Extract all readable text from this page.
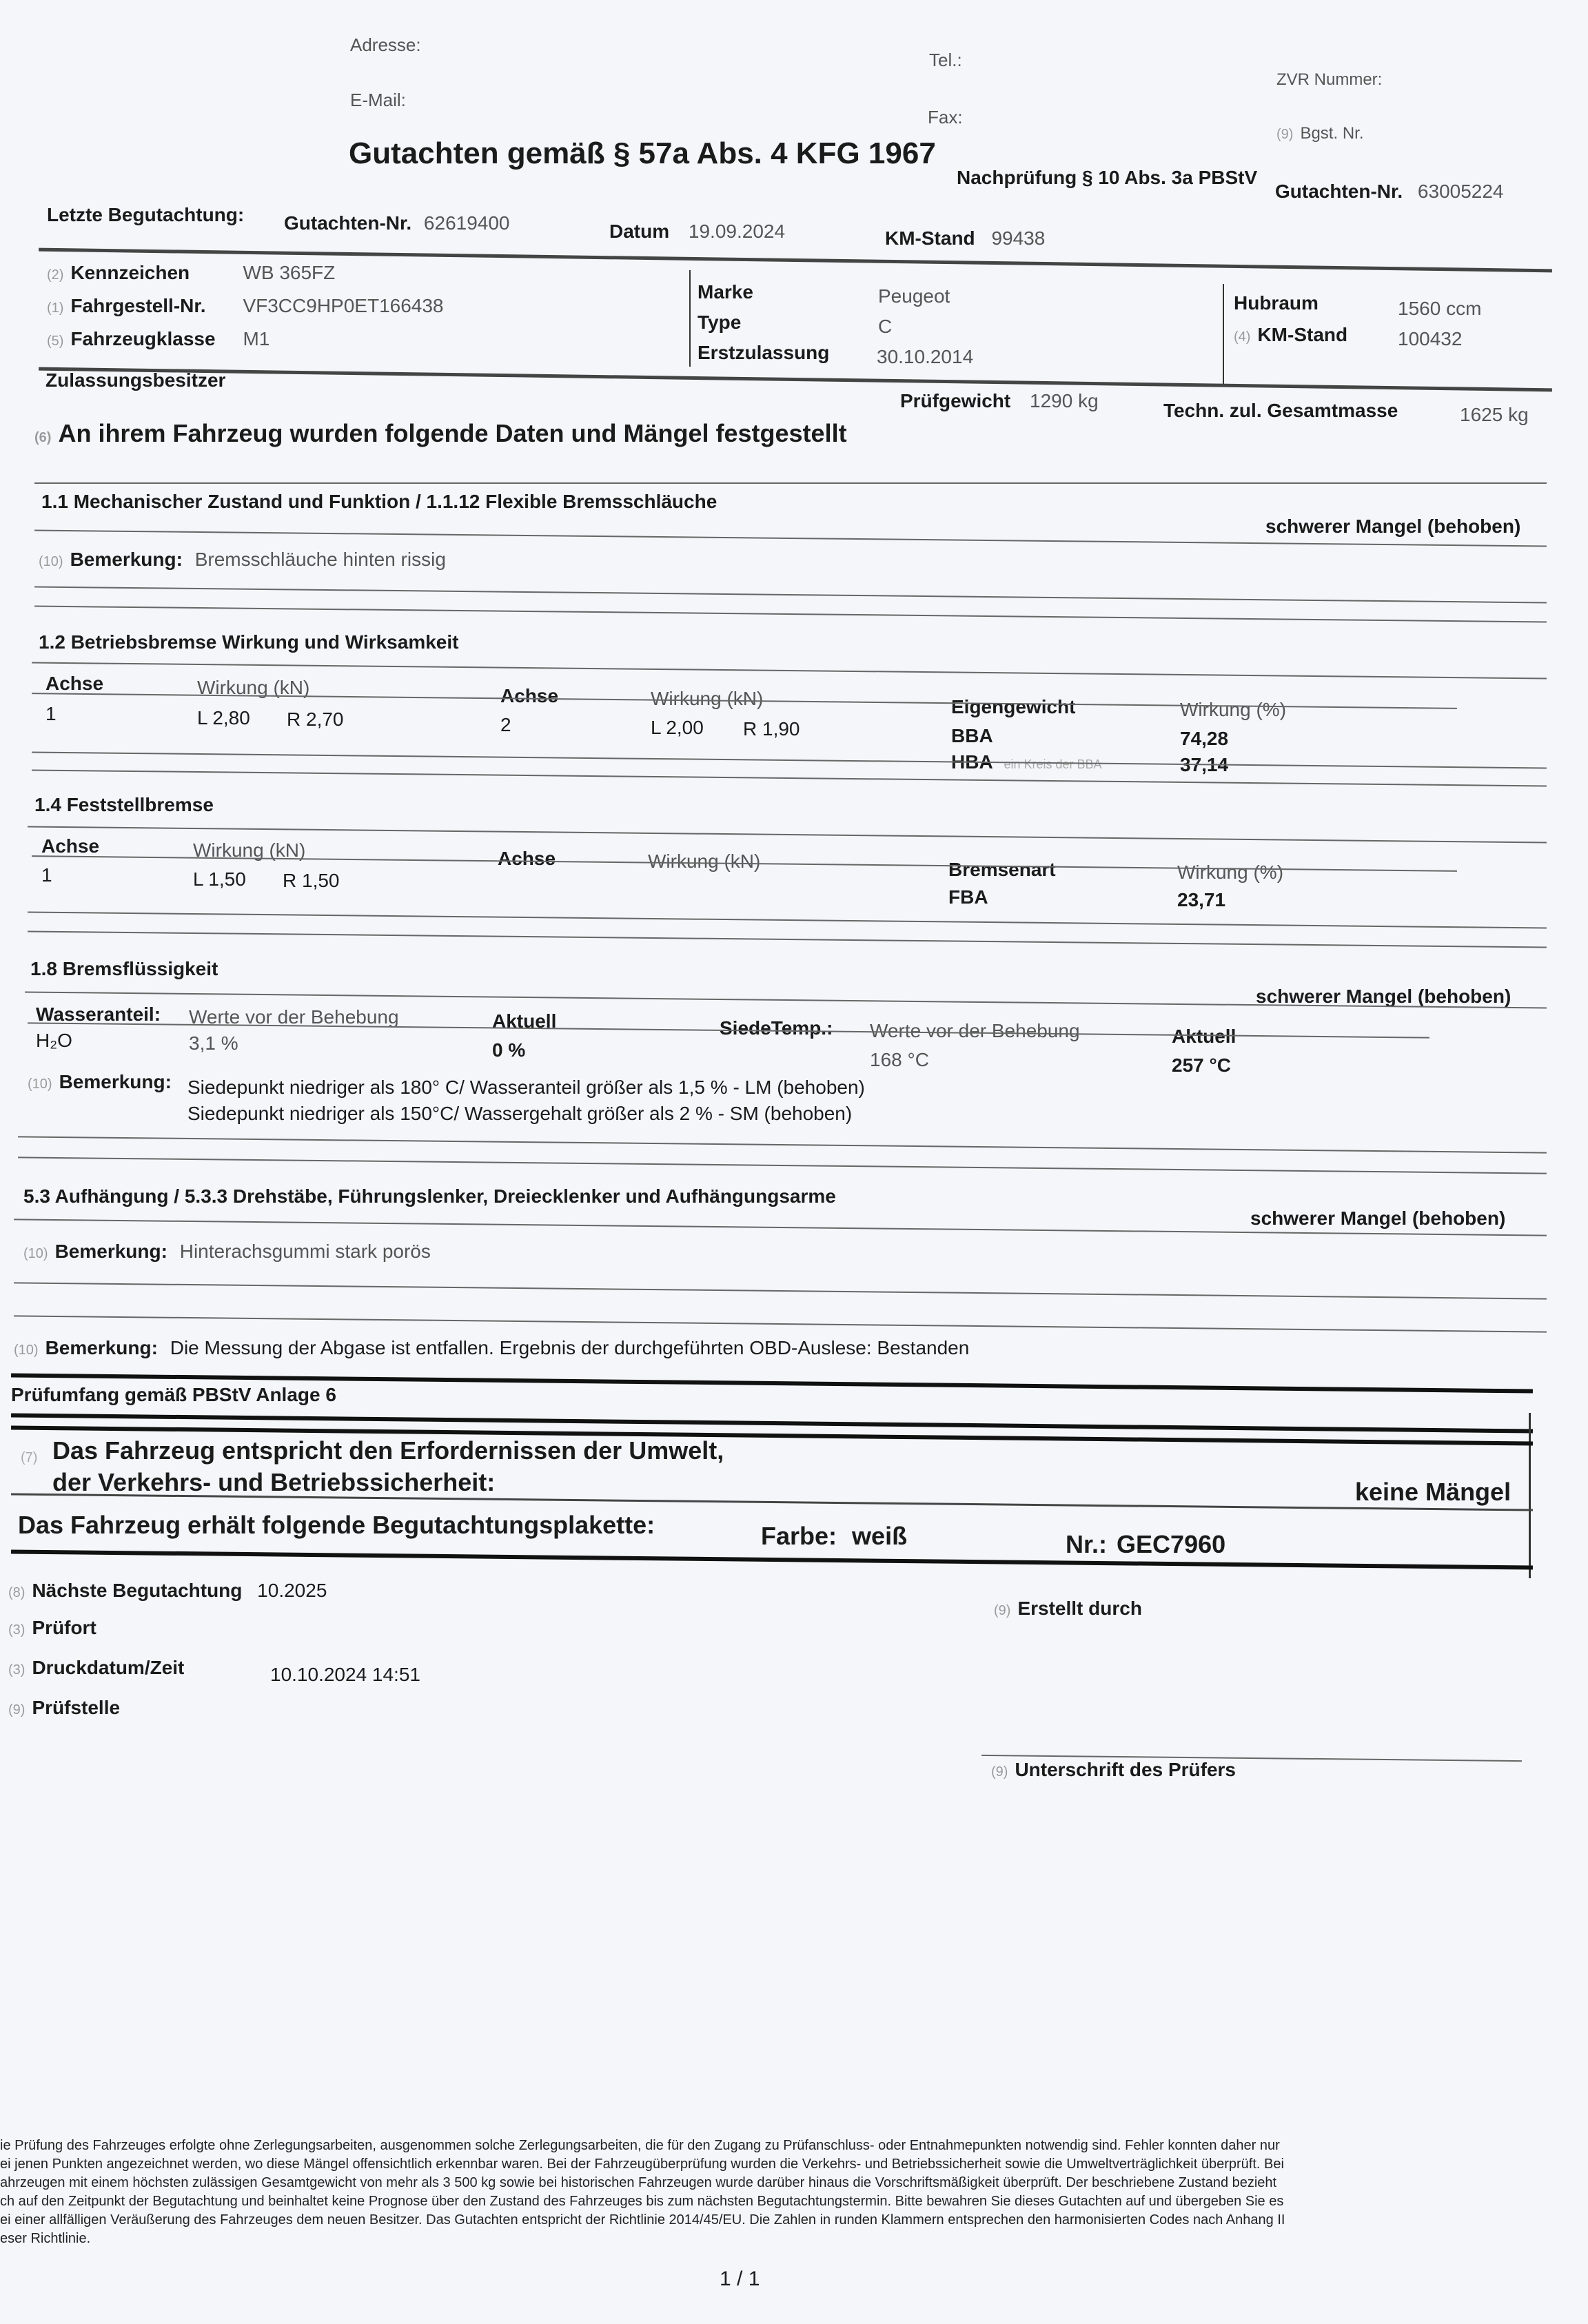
Adresse:
E-Mail:
Tel.:
Fax:
ZVR Nummer:
(9) Bgst. Nr.
Gutachten gemäß § 57a Abs. 4 KFG 1967
Nachprüfung § 10 Abs. 3a PBStV
Gutachten-Nr. 63005224
Letzte Begutachtung: Gutachten-Nr. 62619400	Datum 19.09.2024	KM-Stand 99438
(2) Kennzeichen	WB 365FZ
(1) Fahrgestell-Nr. VF3CC9HP0ET166438
(5) Fahrzeugklasse M1
Marke	Peugeot
Type	C
Erstzulassung 30.10.2014
Hubraum	1560 ccm
(4) KM-Stand	100432
Zulassungsbesitzer
Prüfgewicht 1290 kg	Techn. zul. Gesamtmasse	1625 kg
(6) An ihrem Fahrzeug wurden folgende Daten und Mängel festgestellt
1.1 Mechanischer Zustand und Funktion / 1.1.12 Flexible Bremsschläuche
schwerer Mangel (behoben)
(10) Bemerkung: Bremsschläuche hinten rissig
1.2 Betriebsbremse Wirkung und Wirksamkeit
Achse	Wirkung (kN)	Achse	Wirkung (kN)	Eigengewicht	Wirkung (%)
1	L 2,80 R 2,70	2	L 2,00 R 1,90	BBA	74,28
HBA ein Kreis der BBA	37,14
1.4 Feststellbremse
Achse	Wirkung (kN)	Achse	Wirkung (kN)	Bremsenart	Wirkung (%)
1	L 1,50 R 1,50
FBA	23,71
1.8 Bremsflüssigkeit
schwerer Mangel (behoben)
Wasseranteil: Werte vor der Behebung	Aktuell	SiedeTemp.: Werte vor der Behebung	Aktuell
H₂O	3,1 %	0 %	168 °C	257 °C
(10) Bemerkung: Siedepunkt niedriger als 180° C/ Wasseranteil größer als 1,5 % - LM (behoben)
Siedepunkt niedriger als 150°C/ Wassergehalt größer als 2 % - SM (behoben)
5.3 Aufhängung / 5.3.3 Drehstäbe, Führungslenker, Dreiecklenker und Aufhängungsarme
schwerer Mangel (behoben)
(10) Bemerkung: Hinterachsgummi stark porös
(10) Bemerkung: Die Messung der Abgase ist entfallen. Ergebnis der durchgeführten OBD-Auslese: Bestanden
Prüfumfang gemäß PBStV Anlage 6
(7) Das Fahrzeug entspricht den Erfordernissen der Umwelt,
der Verkehrs- und Betriebssicherheit:	keine Mängel
Das Fahrzeug erhält folgende Begutachtungsplakette:	Farbe: weiß	Nr.: GEC7960
(8) Nächste Begutachtung 10.2025
(3) Prüfort
(3) Druckdatum/Zeit	10.10.2024 14:51
(9) Prüfstelle
(9) Erstellt durch
(9) Unterschrift des Prüfers
ie Prüfung des Fahrzeuges erfolgte ohne Zerlegungsarbeiten, ausgenommen solche Zerlegungsarbeiten, die für den Zugang zu Prüfanschluss- oder Entnahmepunkten notwendig sind. Fehler konnten daher nur
ei jenen Punkten angezeichnet werden, wo diese Mängel offensichtlich erkennbar waren. Bei der Fahrzeugüberprüfung wurden die Verkehrs- und Betriebssicherheit sowie die Umweltverträglichkeit überprüft. Bei
ahrzeugen mit einem höchsten zulässigen Gesamtgewicht von mehr als 3 500 kg sowie bei historischen Fahrzeugen wurde darüber hinaus die Vorschriftsmäßigkeit überprüft. Der beschriebene Zustand bezieht
ch auf den Zeitpunkt der Begutachtung und beinhaltet keine Prognose über den Zustand des Fahrzeuges bis zum nächsten Begutachtungstermin. Bitte bewahren Sie dieses Gutachten auf und übergeben Sie es
ei einer allfälligen Veräußerung des Fahrzeuges dem neuen Besitzer. Das Gutachten entspricht der Richtlinie 2014/45/EU. Die Zahlen in runden Klammern entsprechen den harmonisierten Codes nach Anhang II
eser Richtlinie.
1 / 1
